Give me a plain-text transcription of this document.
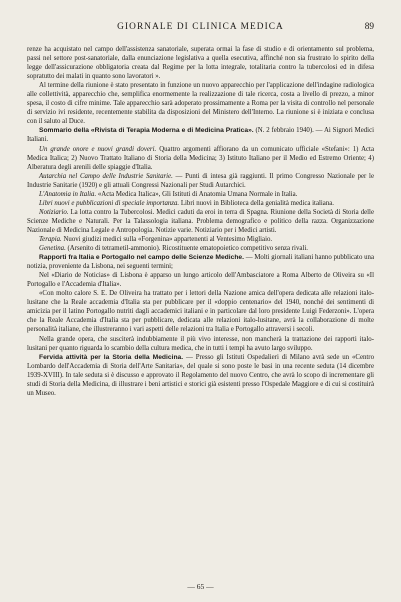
GIORNALE DI CLINICA MEDICA	89

renze ha acquistato nel campo dell'assistenza sanatoriale, superata ormai la fase di studio e di orientamento sul problema, passi nel settore post-sanatoriale, dalla enunciazione legislativa a quella esecutiva, affinché non sia frustrato lo spirito della legge dell'assicurazione obbligatoria creata dal Regime per la lotta integrale, totalitaria contro la tubercolosi ed in difesa sopratutto dei malati in quanto sono lavoratori ».

Al termine della riunione è stato presentato in funzione un nuovo apparecchio per l'applicazione dell'indagine radiologica alle collettività, apparecchio che, semplifica enormemente la realizzazione di tale ricerca, costa a livello di prezzo, a minor spesa, il costo di cifre minime. Tale apparecchio sarà adoperato prossimamente a Roma per la visita di controllo nel personale di servizio ivi residente, recentemente stabilita da disposizioni del Ministero dell'Interno. La riunione si è iniziata e conclusa con il saluto al Duce.

Sommario della «Rivista di Terapia Moderna e di Medicina Pratica». (N. 2 febbraio 1940). — Ai Signori Medici Italiani.

Un grande onore e nuovi grandi doveri. Quattro argomenti affiorano da un comunicato ufficiale «Stefani»: 1) Acta Medica Italica; 2) Nuovo Trattato Italiano di Storia della Medicina; 3) Istituto Italiano per il Medio ed Estremo Oriente; 4) Alberatura degli arenili delle spiaggie d'Italia.

Autarchia nel Campo delle Industrie Sanitarie. — Punti di intesa già raggiunti. Il primo Congresso Nazionale per le Industrie Sanitarie (1920) e gli attuali Congressi Nazionali per Studi Autarchici.

L'Anatomia in Italia. «Acta Medica Italica», Gli Istituti di Anatomia Umana Normale in Italia.

Libri nuovi e pubblicazioni di speciale importanza. Libri nuovi in Biblioteca della genialità medica italiana.

Notiziario. La lotta contro la Tubercolosi. Medici caduti da eroi in terra di Spagna. Riunione della Società di Storia delle Scienze Mediche e Naturali. Per la Talassologia italiana. Problema demografico e politico della razza. Organizzazione Nazionale di Medicina Legale e Antropologia. Notizie varie. Notiziario per i Medici artisti.

Terapia. Nuovi giudizi medici sulla «Forgenina» appartenenti al Ventesimo Migliaio.

Genetina. (Arsenito di tetrametil-ammonio). Ricostituente ematopoietico competitivo senza rivali.

Rapporti fra Italia e Portogallo nel campo delle Scienze Mediche. — Molti giornali italiani hanno pubblicato una notizia, proveniente da Lisbona, nei seguenti termini;

Nel «Diario de Noticias» di Lisbona è apparso un lungo articolo dell'Ambasciatore a Roma Alberto de Oliveira su «Il Portogallo e l'Accademia d'Italia».

«Con molto calore S. E. De Oliveira ha trattato per i lettori della Nazione amica dell'opera dedicata alle relazioni italo-lusitane che la Reale accademia d'Italia sta per pubblicare per il «doppio centenario» del 1940, nonché dei sentimenti di amicizia per il latino Portogallo nutriti dagli accademici italiani e in particolare dal loro presidente Luigi Federzoni». L'opera che la Reale Accademia d'Italia sta per pubblicare, dedicata alle relazioni italo-lusitane, avrà la collaborazione di molte personalità italiane, che illustreranno i vari aspetti delle relazioni tra Italia e Portogallo attraversi i secoli.

Nella grande opera, che susciterà indubbiamente il più vivo interesse, non mancherà la trattazione dei rapporti italo-lusitani per quanto riguarda lo scambio della cultura medica, che in tutti i tempi ha avuto largo sviluppo.

Fervida attività per la Storia della Medicina. — Presso gli Istituti Ospedalieri di Milano avrà sede un «Centro Lombardo dell'Accademia di Storia dell'Arte Sanitaria», del quale si sono poste le basi in una recente seduta (14 dicembre 1939-XVIII). In tale seduta si è discusso e approvato il Regolamento del nuovo Centro, che avrà lo scopo di incrementare gli studi di Storia della Medicina, di illustrare i beni artistici e storici già esistenti presso l'Ospedale Maggiore e di cui si costituirà un Museo.

— 65 —
